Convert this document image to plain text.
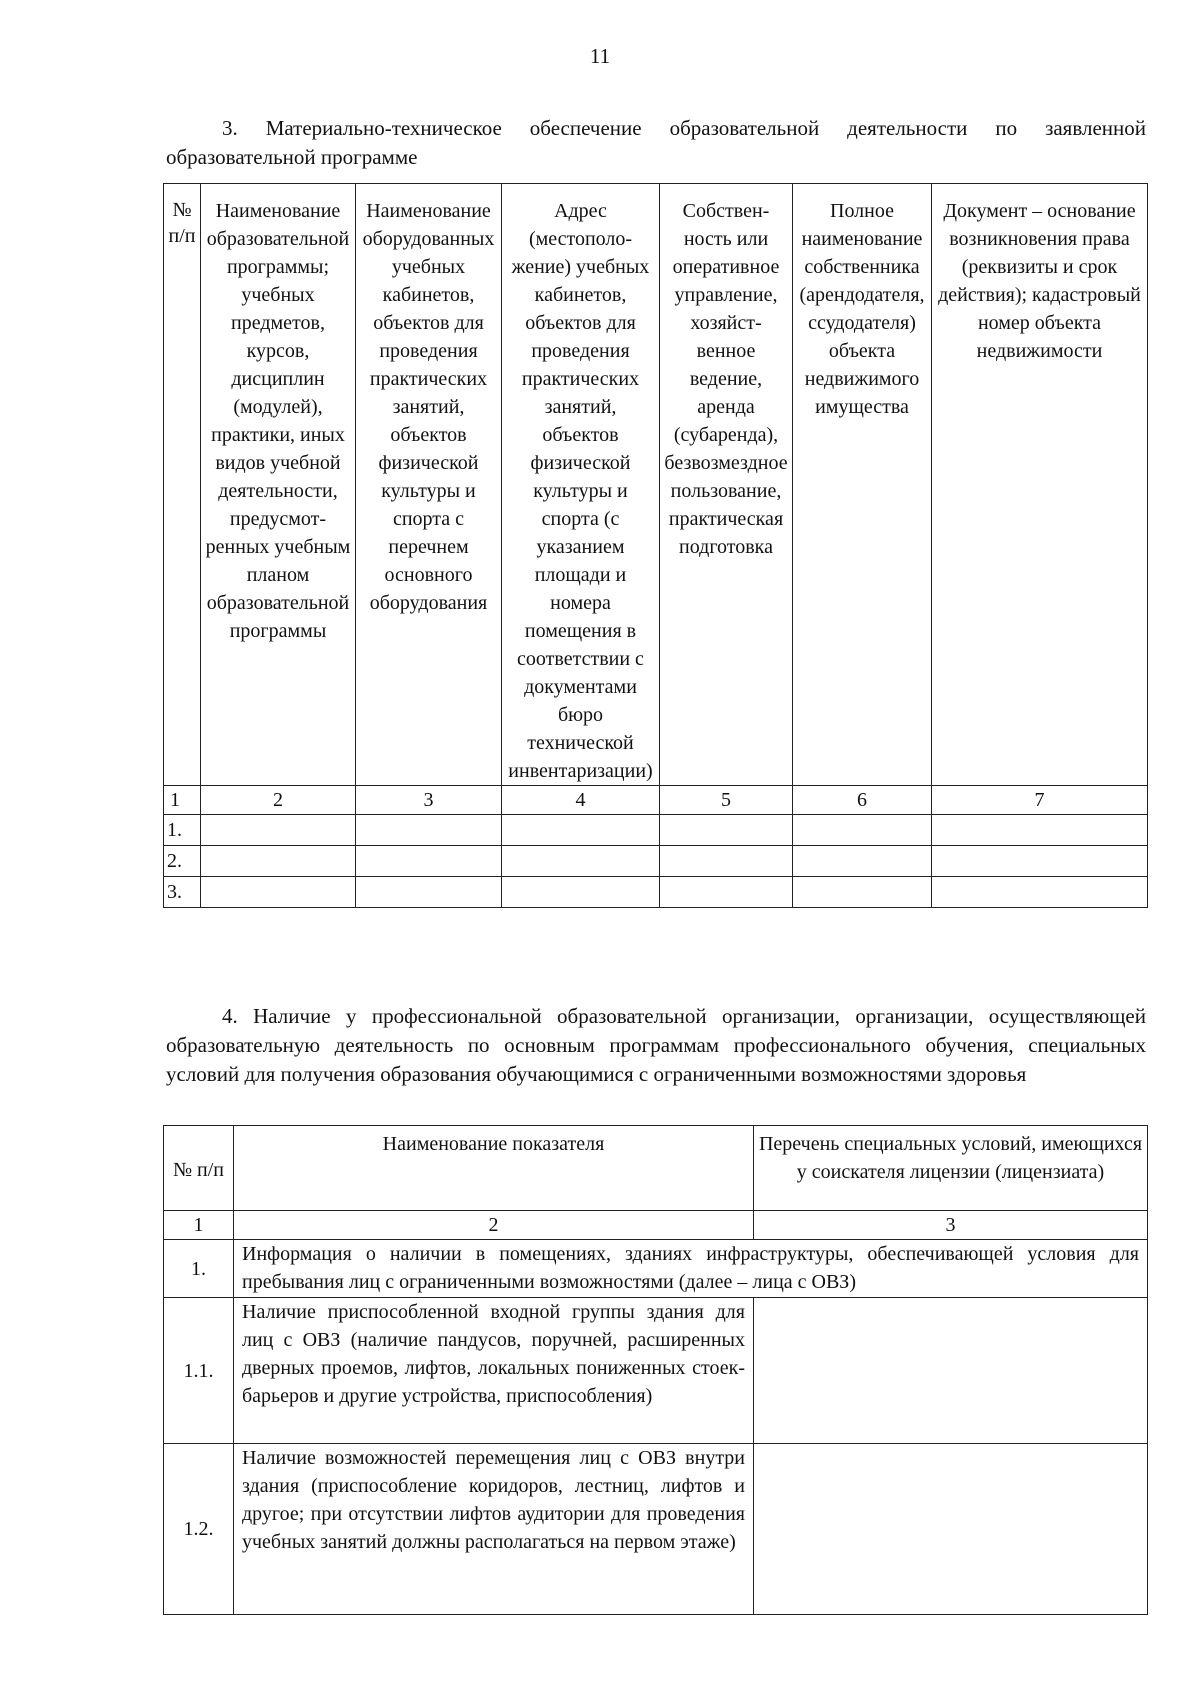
11
3. Материально-техническое обеспечение образовательной деятельности по заявленной образовательной программе
№ п/п	Наименование образовательной программы; учебных предметов, курсов, дисциплин (модулей), практики, иных видов учебной деятельности, предусмот-ренных учебным планом образовательной программы	Наименование оборудованных учебных кабинетов, объектов для проведения практических занятий, объектов физической культуры и спорта с перечнем основного оборудования	Адрес (местополо-жение) учебных кабинетов, объектов для проведения практических занятий, объектов физической культуры и спорта (с указанием площади и номера помещения в соответствии с документами бюро технической инвентаризации)	Собствен-ность или оперативное управление, хозяйст-венное ведение, аренда (субаренда), безвозмездное пользование, практическая подготовка	Полное наименование собственника (арендодателя, ссудодателя) объекта недвижимого имущества	Документ – основание возникновения права (реквизиты и срок действия); кадастровый номер объекта недвижимости
1	2	3	4	5	6	7
1.						
2.						
3.						
4. Наличие у профессиональной образовательной организации, организации, осуществляющей образовательную деятельность по основным программам профессионального обучения, специальных условий для получения образования обучающимися с ограниченными возможностями здоровья
№ п/п	Наименование показателя	Перечень специальных условий, имеющихся у соискателя лицензии (лицензиата)
1	2	3
1.	Информация о наличии в помещениях, зданиях инфраструктуры, обеспечивающей условия для пребывания лиц с ограниченными возможностями (далее – лица с ОВЗ)	
1.1.	Наличие приспособленной входной группы здания для лиц с ОВЗ (наличие пандусов, поручней, расширенных дверных проемов, лифтов, локальных пониженных стоек-барьеров и другие устройства, приспособления)	
1.2.	Наличие возможностей перемещения лиц с ОВЗ внутри здания (приспособление коридоров, лестниц, лифтов и другое; при отсутствии лифтов аудитории для проведения учебных занятий должны располагаться на первом этаже)	
